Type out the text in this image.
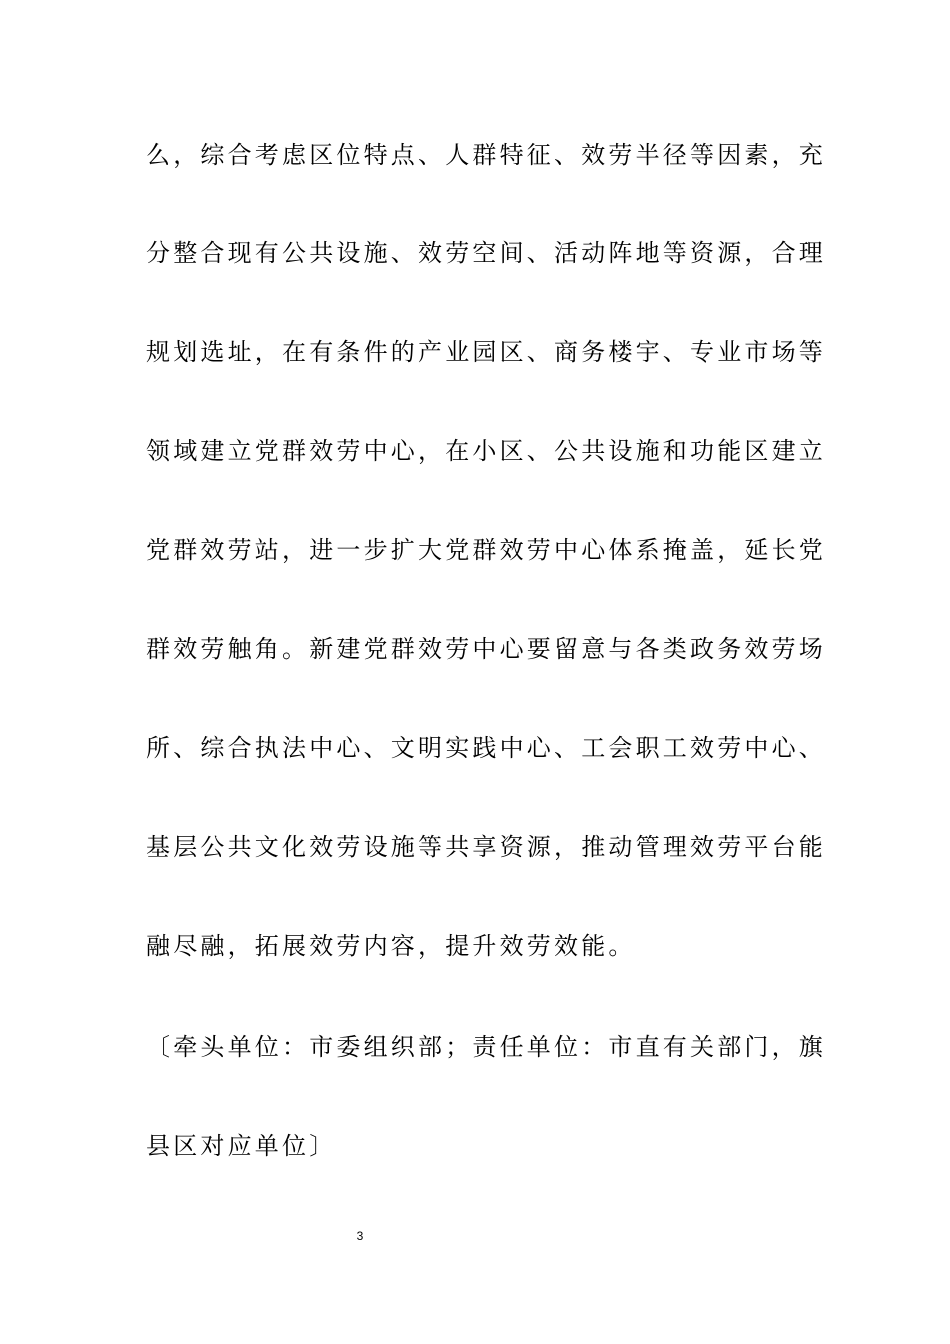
么，综合考虑区位特点、人群特征、效劳半径等因素，充
分整合现有公共设施、效劳空间、活动阵地等资源，合理
规划选址，在有条件的产业园区、商务楼宇、专业市场等
领域建立党群效劳中心，在小区、公共设施和功能区建立
党群效劳站，进一步扩大党群效劳中心体系掩盖，延长党
群效劳触角。新建党群效劳中心要留意与各类政务效劳场
所、综合执法中心、文明实践中心、工会职工效劳中心、
基层公共文化效劳设施等共享资源，推动管理效劳平台能
融尽融，拓展效劳内容，提升效劳效能。
〔牵头单位：市委组织部；责任单位：市直有关部门，旗
县区对应单位〕
3
